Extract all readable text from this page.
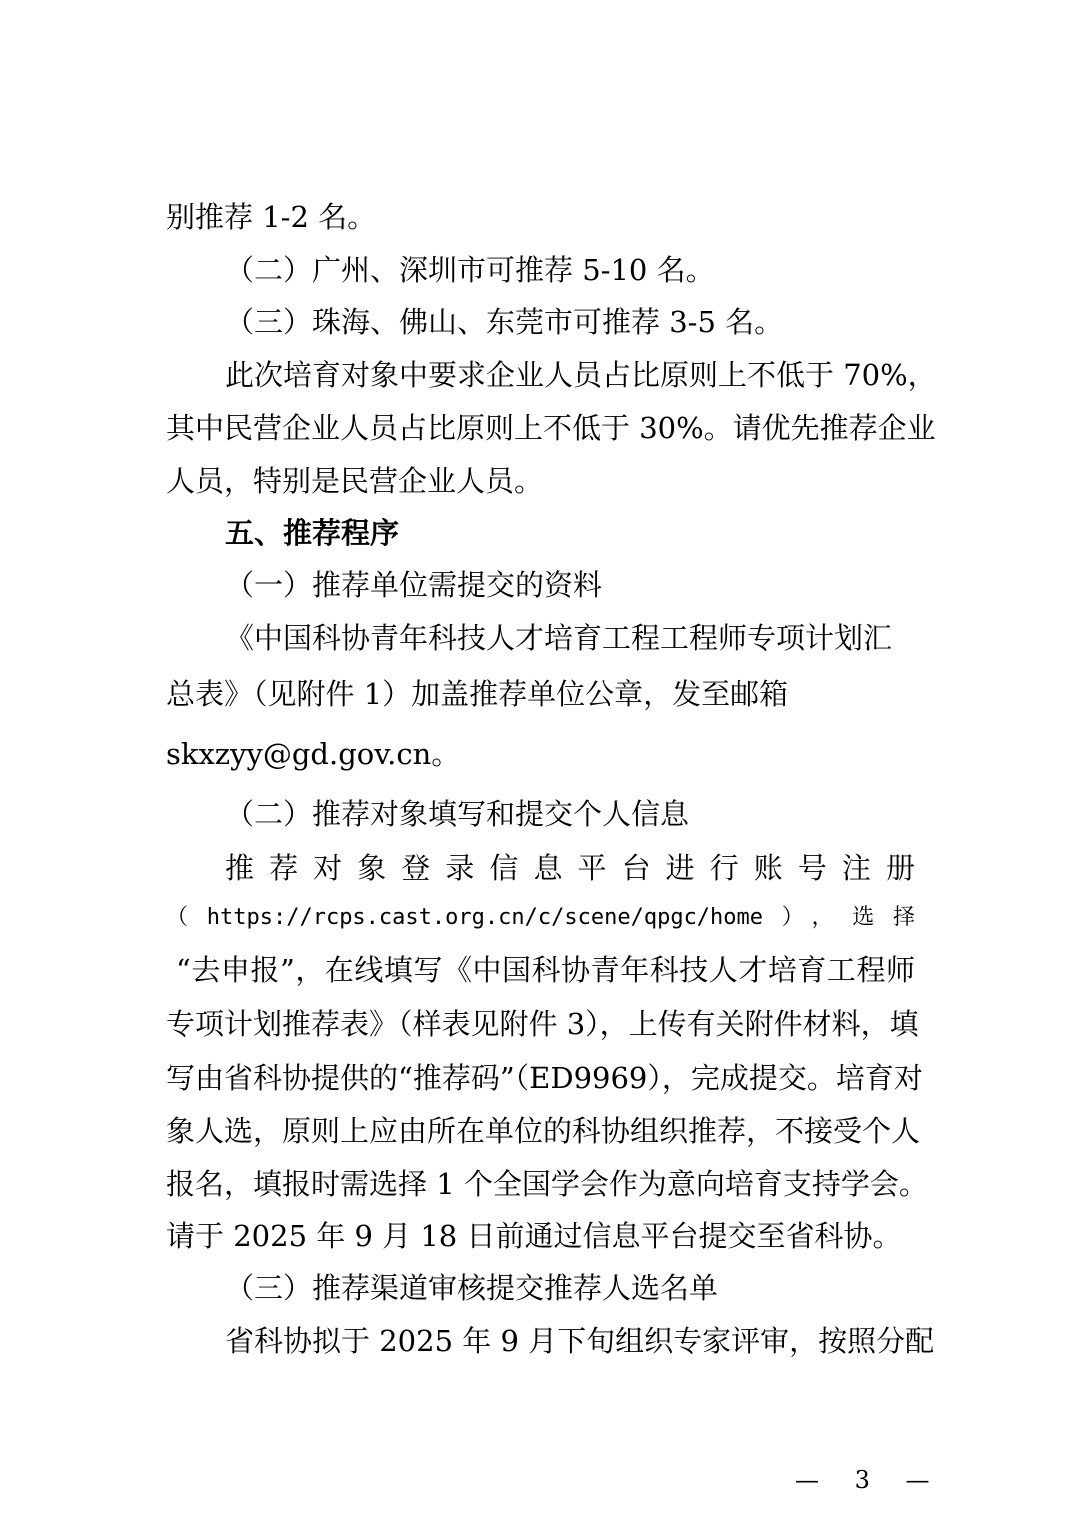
别推荐 1-2 名。
（二）广州、深圳市可推荐 5-10 名。
（三）珠海、佛山、东莞市可推荐 3-5 名。
此次培育对象中要求企业人员占比原则上不低于 70%，
其中民营企业人员占比原则上不低于 30%。请优先推荐企业
人员，特别是民营企业人员。
五、推荐程序
（一）推荐单位需提交的资料
《中国科协青年科技人才培育工程工程师专项计划汇
总表》（见附件 1）加盖推荐单位公章，发至邮箱
skxzyy@gd.gov.cn。
（二）推荐对象填写和提交个人信息
推荐对象登录信息平台进行账号注册
（https://rcps.cast.org.cn/c/scene/qpgc/home），选择
“去申报”，在线填写《中国科协青年科技人才培育工程师
专项计划推荐表》（样表见附件 3），上传有关附件材料，填
写由省科协提供的“推荐码”（ED9969），完成提交。培育对
象人选，原则上应由所在单位的科协组织推荐，不接受个人
报名，填报时需选择 1 个全国学会作为意向培育支持学会。
请于 2025 年 9 月 18 日前通过信息平台提交至省科协。
（三）推荐渠道审核提交推荐人选名单
省科协拟于 2025 年 9 月下旬组织专家评审，按照分配
— 3 —
